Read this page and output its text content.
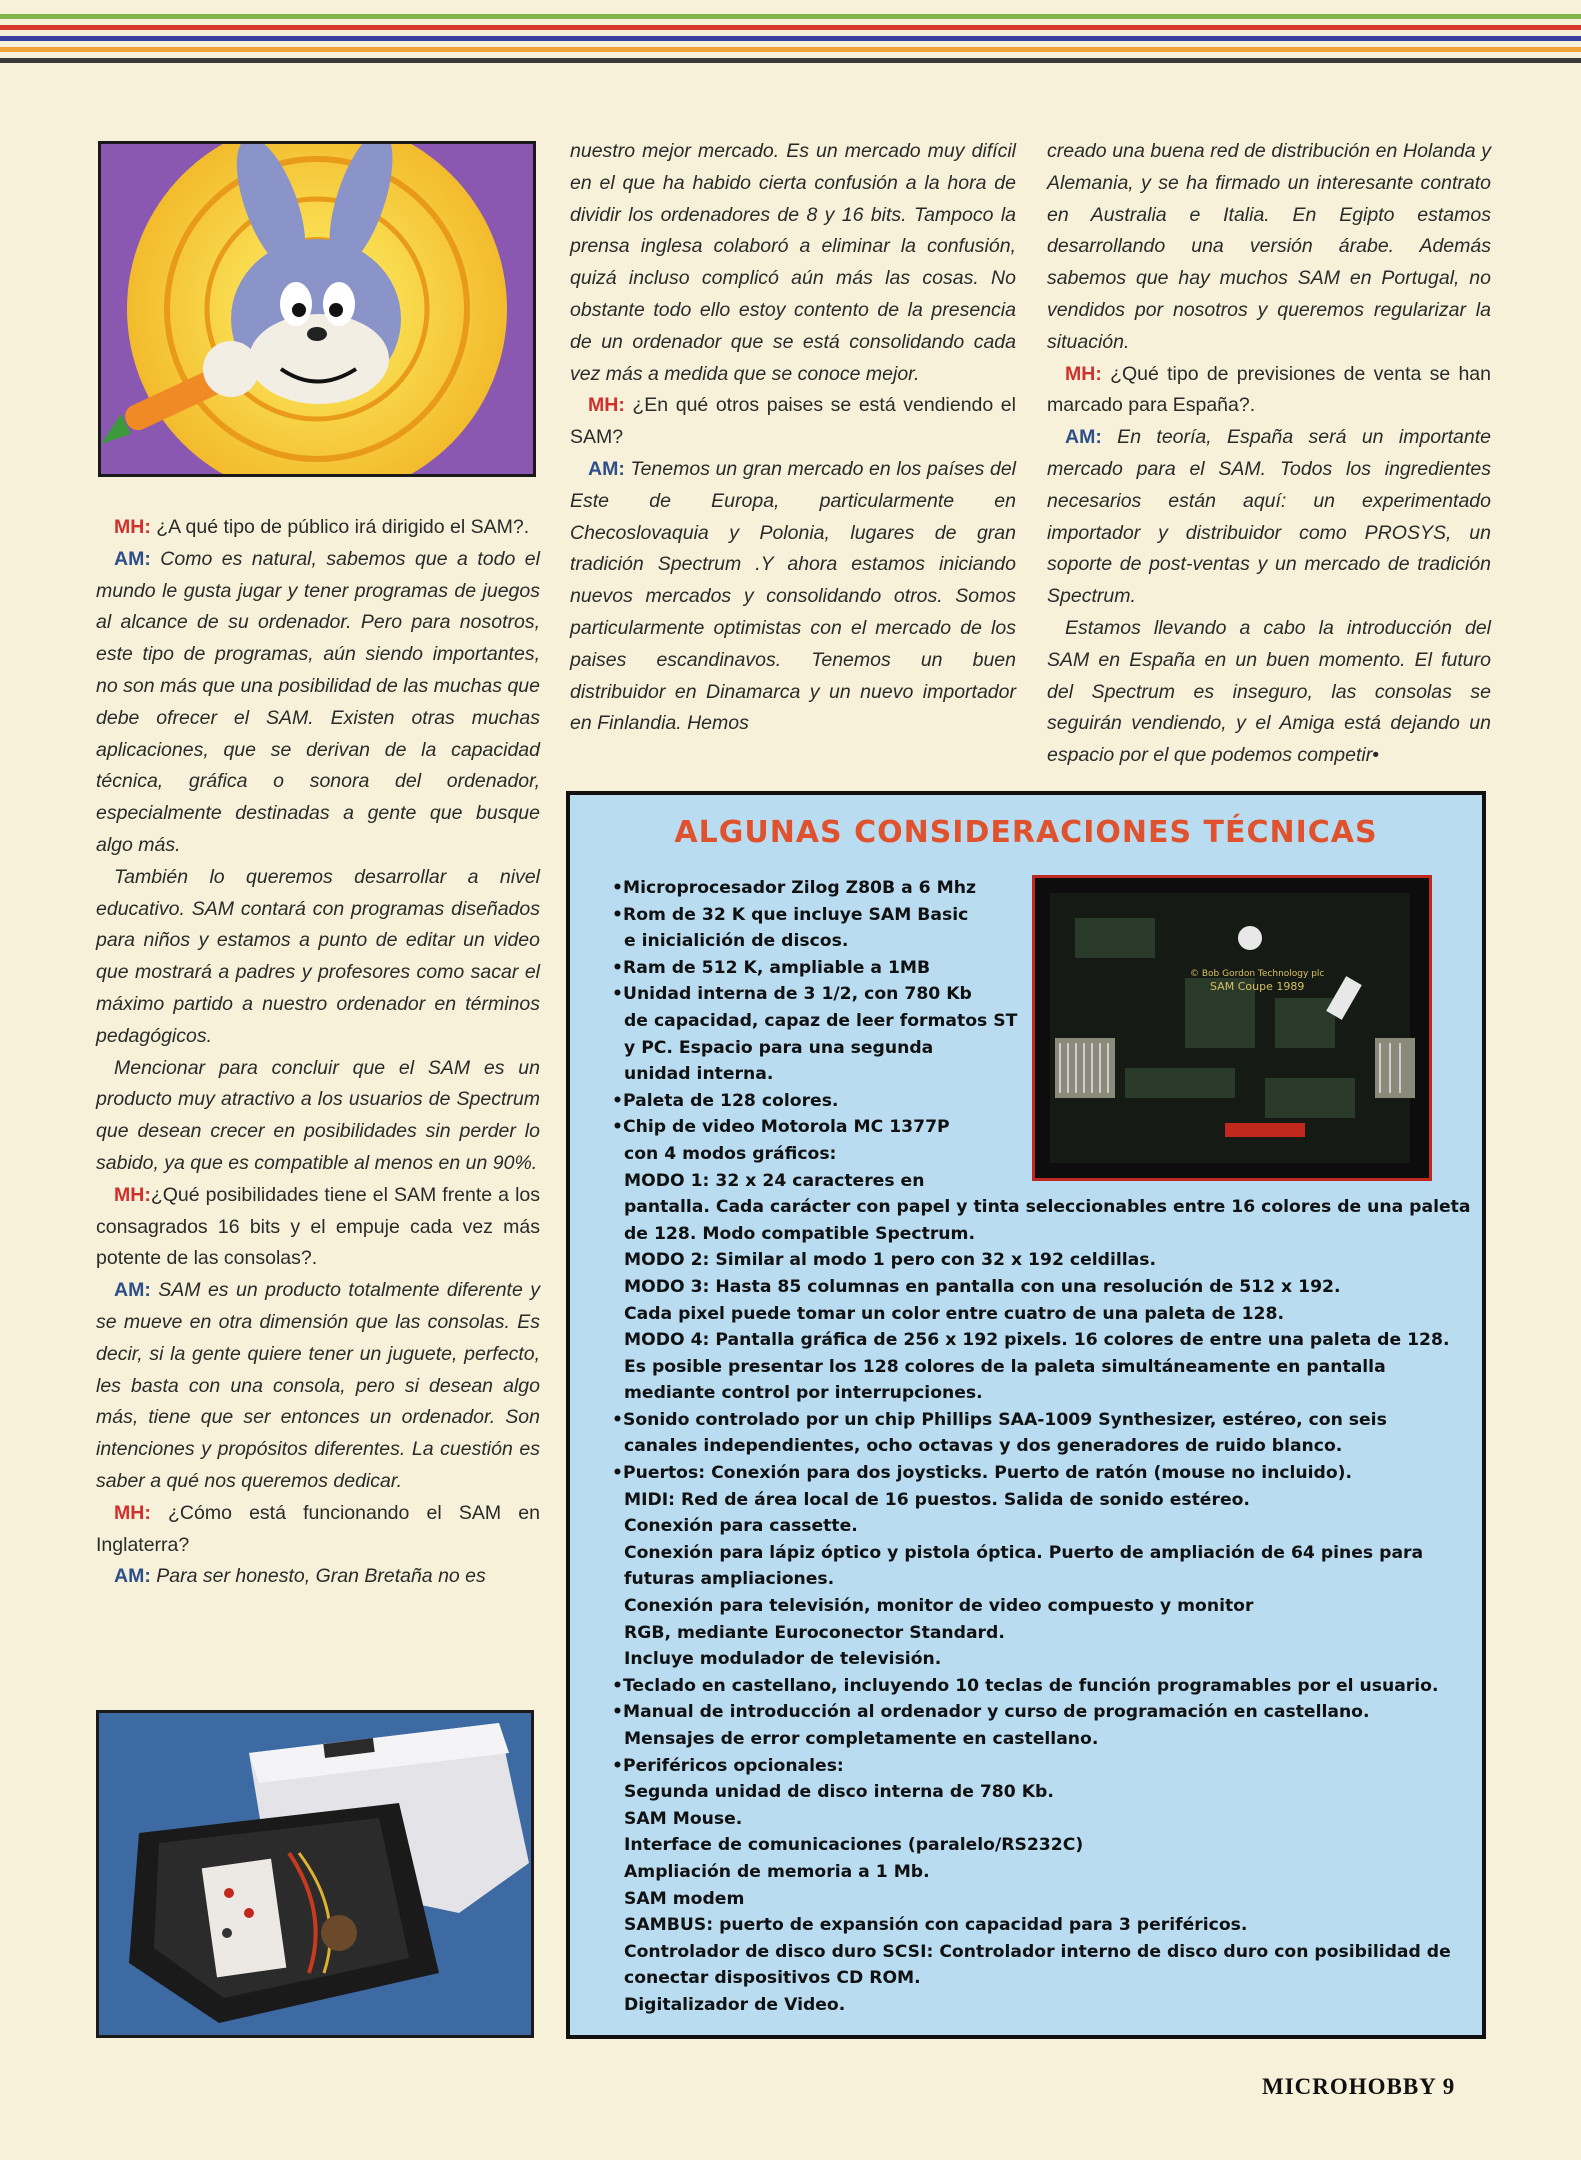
MH: ¿A qué tipo de público irá dirigido el SAM?.

AM: Como es natural, sabemos que a todo el mundo le gusta jugar y tener programas de juegos al alcance de su ordenador. Pero para nosotros, este tipo de programas, aún siendo importantes, no son más que una posibilidad de las muchas que debe ofrecer el SAM. Existen otras muchas aplicaciones, que se derivan de la capacidad técnica, gráfica o sonora del ordenador, especialmente destinadas a gente que busque algo más.

También lo queremos desarrollar a nivel educativo. SAM contará con programas diseñados para niños y estamos a punto de editar un video que mostrará a padres y profesores como sacar el máximo partido a nuestro ordenador en términos pedagógicos.

Mencionar para concluir que el SAM es un producto muy atractivo a los usuarios de Spectrum que desean crecer en posibilidades sin perder lo sabido, ya que es compatible al menos en un 90%.

MH:¿Qué posibilidades tiene el SAM frente a los consagrados 16 bits y el empuje cada vez más potente de las consolas?.

AM: SAM es un producto totalmente diferente y se mueve en otra dimensión que las consolas. Es decir, si la gente quiere tener un juguete, perfecto, les basta con una consola, pero si desean algo más, tiene que ser entonces un ordenador. Son intenciones y propósitos diferentes. La cuestión es saber a qué nos queremos dedicar.

MH: ¿Cómo está funcionando el SAM en Inglaterra?

AM: Para ser honesto, Gran Bretaña no es

nuestro mejor mercado. Es un mercado muy difícil en el que ha habido cierta confusión a la hora de dividir los ordenadores de 8 y 16 bits. Tampoco la prensa inglesa colaboró a eliminar la confusión, quizá incluso complicó aún más las cosas. No obstante todo ello estoy contento de la presencia de un ordenador que se está consolidando cada vez más a medida que se conoce mejor.

MH: ¿En qué otros paises se está vendiendo el SAM?

AM: Tenemos un gran mercado en los países del Este de Europa, particularmente en Checoslovaquia y Polonia, lugares de gran tradición Spectrum .Y ahora estamos iniciando nuevos mercados y consolidando otros. Somos particularmente optimistas con el mercado de los paises escandinavos. Tenemos un buen distribuidor en Dinamarca y un nuevo importador en Finlandia. Hemos

creado una buena red de distribución en Holanda y Alemania, y se ha firmado un interesante contrato en Australia e Italia. En Egipto estamos desarrollando una versión árabe. Además sabemos que hay muchos SAM en Portugal, no vendidos por nosotros y queremos regularizar la situación.

MH: ¿Qué tipo de previsiones de venta se han marcado para España?.

AM: En teoría, España será un importante mercado para el SAM. Todos los ingredientes necesarios están aquí: un experimentado importador y distribuidor como PROSYS, un soporte de post-ventas y un mercado de tradición Spectrum.

Estamos llevando a cabo la introducción del SAM en España en un buen momento. El futuro del Spectrum es inseguro, las consolas se seguirán vendiendo, y el Amiga está dejando un espacio por el que podemos competir•

ALGUNAS CONSIDERACIONES TÉCNICAS
•Microprocesador Zilog Z80B a 6 Mhz
•Rom de 32 K que incluye SAM Basic
e inicialición de discos.
•Ram de 512 K, ampliable a 1MB
•Unidad interna de 3 1/2, con 780 Kb
de capacidad, capaz de leer formatos ST
y PC. Espacio para una segunda
unidad interna.
•Paleta de 128 colores.
•Chip de video Motorola MC 1377P
con 4 modos gráficos:
MODO 1: 32 x 24 caracteres en
pantalla. Cada carácter con papel y tinta seleccionables entre 16 colores de una paleta
de 128. Modo compatible Spectrum.
MODO 2: Similar al modo 1 pero con 32 x 192 celdillas.
MODO 3: Hasta 85 columnas en pantalla con una resolución de 512 x 192.
Cada pixel puede tomar un color entre cuatro de una paleta de 128.
MODO 4: Pantalla gráfica de 256 x 192 pixels. 16 colores de entre una paleta de 128.
Es posible presentar los 128 colores de la paleta simultáneamente en pantalla
mediante control por interrupciones.
•Sonido controlado por un chip Phillips SAA-1009 Synthesizer, estéreo, con seis
canales independientes, ocho octavas y dos generadores de ruido blanco.
•Puertos: Conexión para dos joysticks. Puerto de ratón (mouse no incluido).
MIDI: Red de área local de 16 puestos. Salida de sonido estéreo.
Conexión para cassette.
Conexión para lápiz óptico y pistola óptica. Puerto de ampliación de 64 pines para
futuras ampliaciones.
Conexión para televisión, monitor de video compuesto y monitor
RGB, mediante Euroconector Standard.
Incluye modulador de televisión.
•Teclado en castellano, incluyendo 10 teclas de función programables por el usuario.
•Manual de introducción al ordenador y curso de programación en castellano.
Mensajes de error completamente en castellano.
•Periféricos opcionales:
Segunda unidad de disco interna de 780 Kb.
SAM Mouse.
Interface de comunicaciones (paralelo/RS232C)
Ampliación de memoria a 1 Mb.
SAM modem
SAMBUS: puerto de expansión con capacidad para 3 periféricos.
Controlador de disco duro SCSI: Controlador interno de disco duro con posibilidad de
conectar dispositivos CD ROM.
Digitalizador de Video.
© Bob Gordon Technology plc
SAM Coupe 1989
MICROHOBBY 9
